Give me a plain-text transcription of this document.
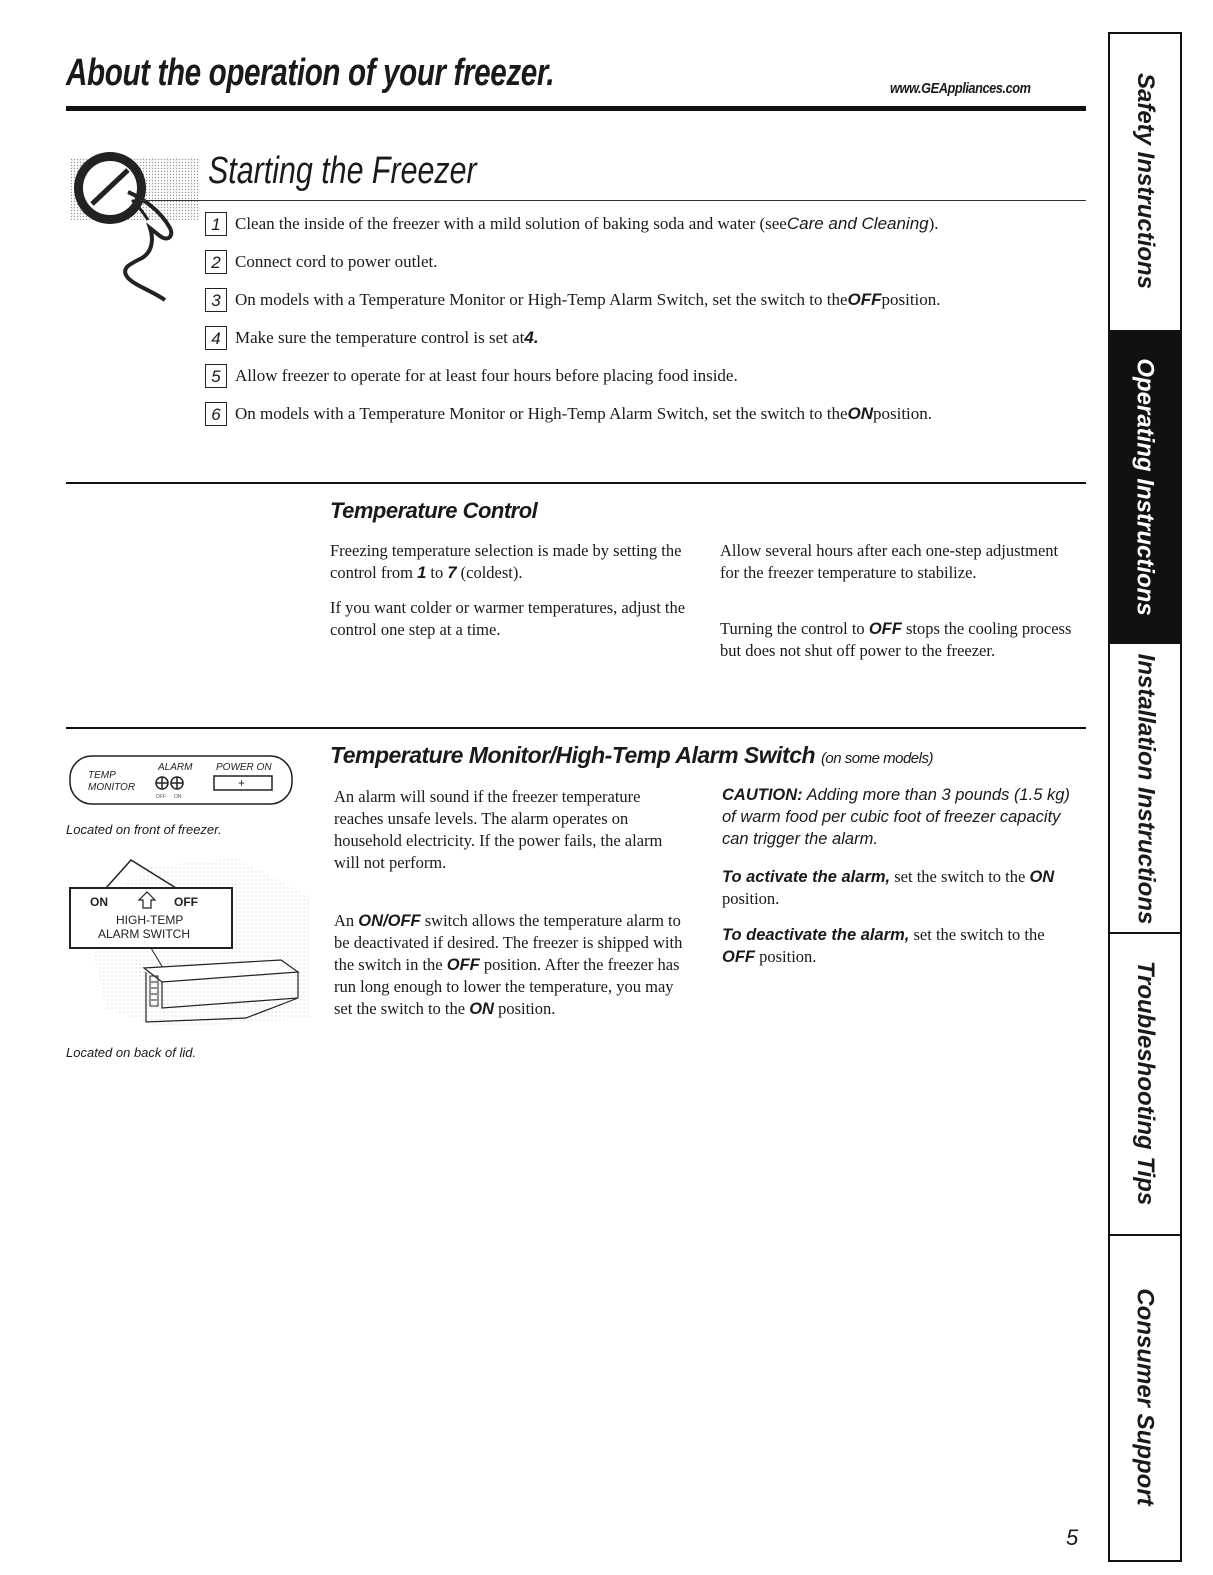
About the operation of your freezer.	www.GEAppliances.com
Starting the Freezer
1 Clean the inside of the freezer with a mild solution of baking soda and water (see Care and Cleaning ).
2 Connect cord to power outlet.
3 On models with a Temperature Monitor or High-Temp Alarm Switch, set the switch to the OFF position.
4 Make sure the temperature control is set at 4.
5 Allow freezer to operate for at least four hours before placing food inside.
6 On models with a Temperature Monitor or High-Temp Alarm Switch, set the switch to the ON position.
Temperature Control
Freezing temperature selection is made by setting the control from 1 to 7 (coldest).
If you want colder or warmer temperatures, adjust the control one step at a time.
Allow several hours after each one-step adjustment for the freezer temperature to stabilize.
Turning the control to OFF stops the cooling process but does not shut off power to the freezer.
Temperature Monitor/High-Temp Alarm Switch (on some models)
TEMP
MONITOR
ALARM POWER ON
OFF ON
+
Located on front of freezer.
ON	OFF
HIGH-TEMP
ALARM SWITCH
Located on back of lid.
An alarm will sound if the freezer temperature reaches unsafe levels. The alarm operates on household electricity. If the power fails, the alarm will not perform.
An ON/OFF switch allows the temperature alarm to be deactivated if desired. The freezer is shipped with the switch in the OFF position. After the freezer has run long enough to lower the temperature, you may set the switch to the ON position.
CAUTION: Adding more than 3 pounds (1.5 kg) of warm food per cubic foot of freezer capacity can trigger the alarm.
To activate the alarm, set the switch to the ON position.
To deactivate the alarm, set the switch to the OFF position.
Safety Instructions
Operating Instructions
Installation Instructions
Troubleshooting Tips
Consumer Support
5
